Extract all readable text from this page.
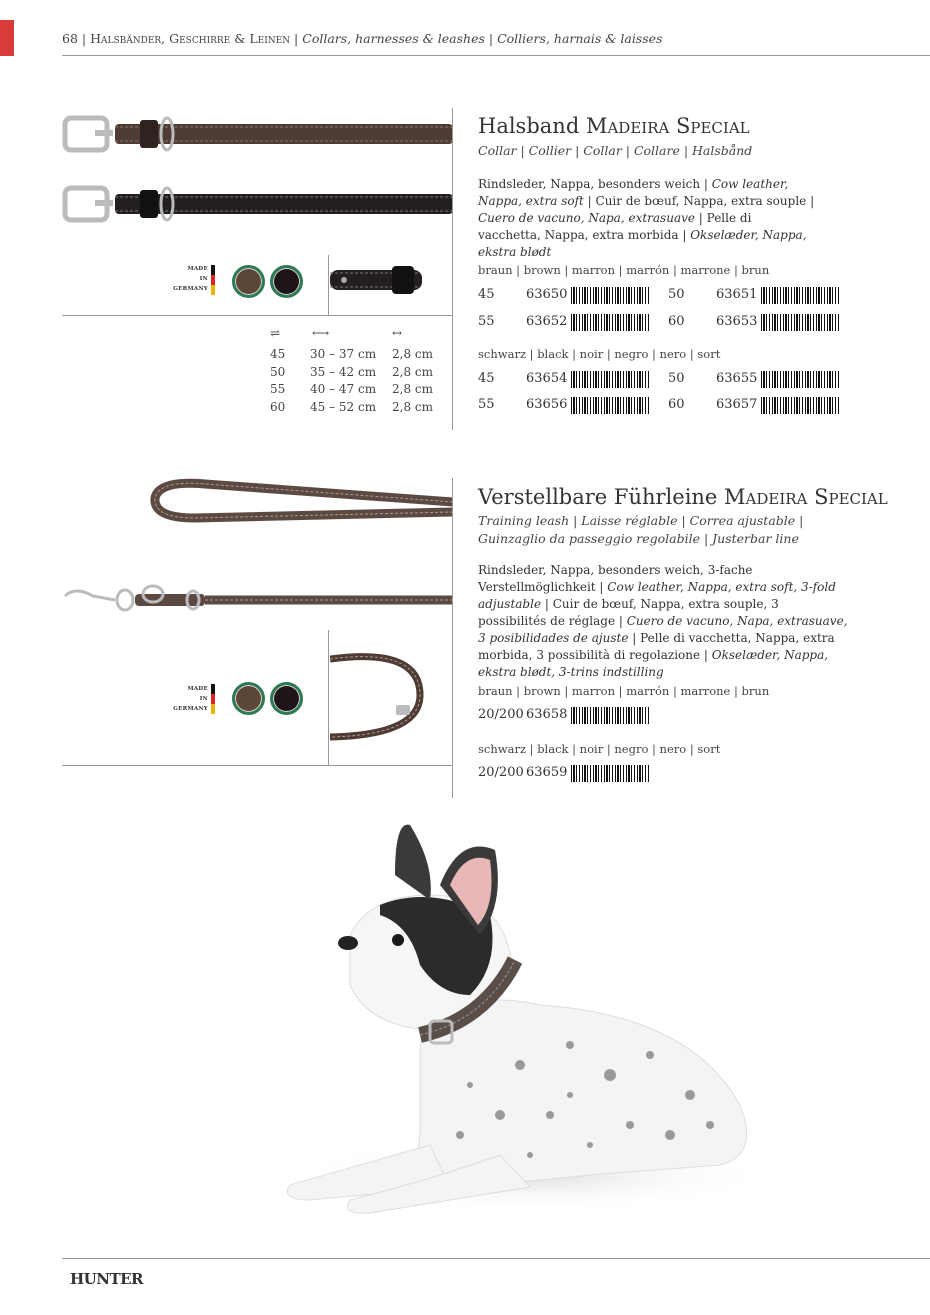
68 | Halsbänder, Geschirre & Leinen | Collars, harnesses & leashes | Colliers, harnais & laisses
MADE
IN
GERMANY
⇌	⟷	↔
45 30 – 37 cm 2,8 cm
50 35 – 42 cm 2,8 cm
55 40 – 47 cm 2,8 cm
60 45 – 52 cm 2,8 cm
Halsband Madeira Special
Collar | Collier | Collar | Collare | Halsbånd
Rindsleder, Nappa, besonders weich | Cow leather, Nappa, extra soft | Cuir de bœuf, Nappa, extra souple | Cuero de vacuno, Napa, extrasuave | Pelle di vacchetta, Nappa, extra morbida | Okselæder, Nappa, ekstra blødt
braun | brown | marron | marrón | marrone | brun
45 63650	50 63651
55 63652	60 63653
schwarz | black | noir | negro | nero | sort
45 63654	50 63655
55 63656	60 63657
MADE
IN
GERMANY
Verstellbare Führleine Madeira Special
Training leash | Laisse réglable | Correa ajustable | Guinzaglio da passeggio regolabile | Justerbar line
Rindsleder, Nappa, besonders weich, 3-fache Verstellmöglichkeit | Cow leather, Nappa, extra soft, 3-fold adjustable | Cuir de bœuf, Nappa, extra souple, 3 possibilités de réglage | Cuero de vacuno, Napa, extrasuave, 3 posibilidades de ajuste | Pelle di vacchetta, Nappa, extra morbida, 3 possibilità di regolazione | Okselæder, Nappa, ekstra blødt, 3-trins indstilling
braun | brown | marron | marrón | marrone | brun
20/200 63658
schwarz | black | noir | negro | nero | sort
20/200 63659
HUNTER
